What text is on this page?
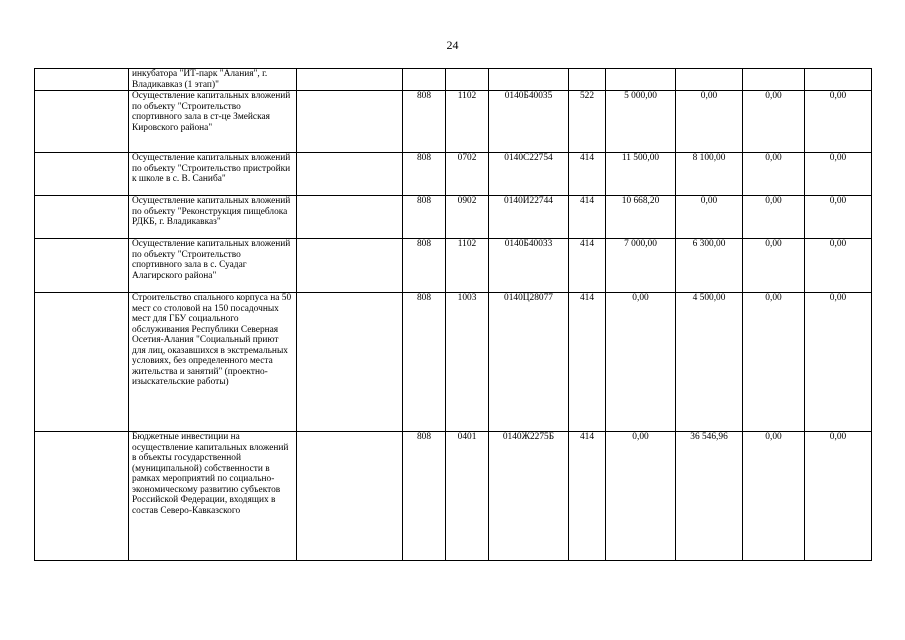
24
	инкубатора "ИТ-парк "Алания", г. Владикавказ (1 этап)"									
	Осуществление капитальных вложений по объекту "Строительство спортивного зала в ст-це Змейская Кировского района"		808	1102	0140Б40035	522	5 000,00	0,00	0,00	0,00
	Осуществление капитальных вложений по объекту "Строительство пристройки к школе в с. В. Саниба"		808	0702	0140С22754	414	11 500,00	8 100,00	0,00	0,00
	Осуществление капитальных вложений по объекту "Реконструкция пищеблока РДКБ, г. Владикавказ"		808	0902	0140И22744	414	10 668,20	0,00	0,00	0,00
	Осуществление капитальных вложений по объекту "Строительство спортивного зала в с. Суадаг Алагирского района"		808	1102	0140Б40033	414	7 000,00	6 300,00	0,00	0,00
	Строительство спального корпуса на 50 мест со столовой на 150 посадочных мест для ГБУ социального обслуживания Республики Северная Осетия-Алания "Социальный приют для лиц, оказавшихся в экстремальных условиях, без определенного места жительства и занятий" (проектно-изыскательские работы)		808	1003	0140Ц28077	414	0,00	4 500,00	0,00	0,00
	Бюджетные инвестиции на осуществление капитальных вложений в объекты государственной (муниципальной) собственности в рамках мероприятий по социально-экономическому развитию субъектов Российской Федерации, входящих в состав Северо-Кавказского		808	0401	0140Ж2275Б	414	0,00	36 546,96	0,00	0,00
